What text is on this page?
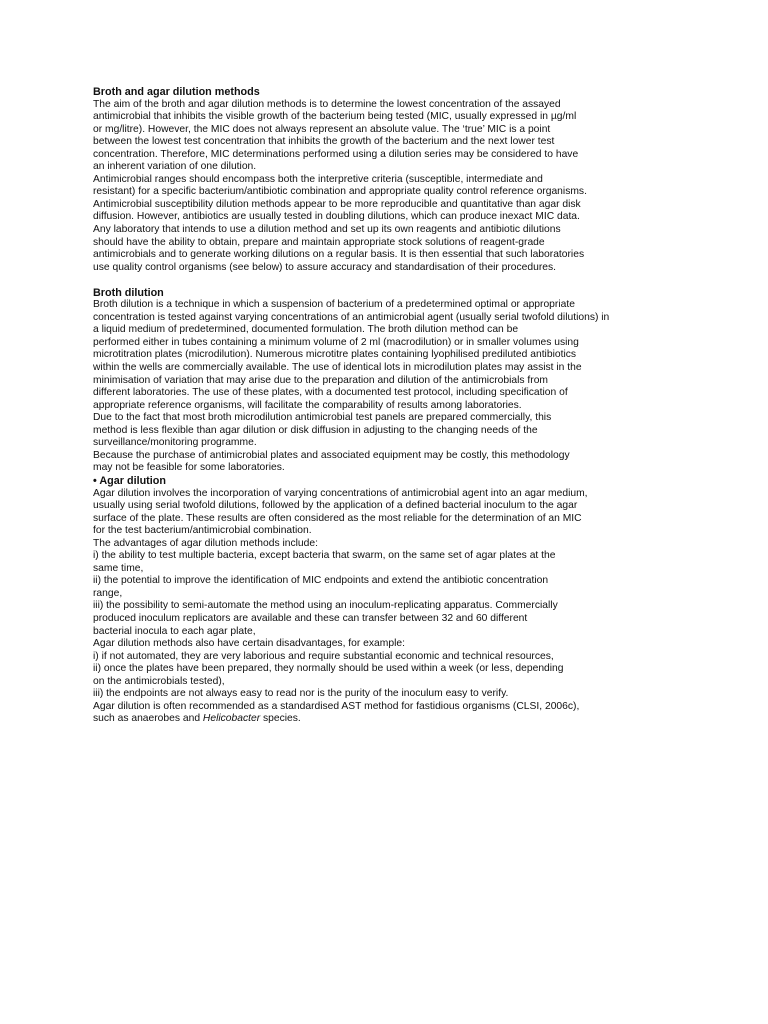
Broth and agar dilution methods
The aim of the broth and agar dilution methods is to determine the lowest concentration of the assayed
antimicrobial that inhibits the visible growth of the bacterium being tested (MIC, usually expressed in µg/ml
or mg/litre). However, the MIC does not always represent an absolute value. The ‘true’ MIC is a point
between the lowest test concentration that inhibits the growth of the bacterium and the next lower test
concentration. Therefore, MIC determinations performed using a dilution series may be considered to have
an inherent variation of one dilution.
Antimicrobial ranges should encompass both the interpretive criteria (susceptible, intermediate and
resistant) for a specific bacterium/antibiotic combination and appropriate quality control reference organisms.
Antimicrobial susceptibility dilution methods appear to be more reproducible and quantitative than agar disk
diffusion. However, antibiotics are usually tested in doubling dilutions, which can produce inexact MIC data.
Any laboratory that intends to use a dilution method and set up its own reagents and antibiotic dilutions
should have the ability to obtain, prepare and maintain appropriate stock solutions of reagent-grade
antimicrobials and to generate working dilutions on a regular basis. It is then essential that such laboratories
use quality control organisms (see below) to assure accuracy and standardisation of their procedures.
Broth dilution
Broth dilution is a technique in which a suspension of bacterium of a predetermined optimal or appropriate
concentration is tested against varying concentrations of an antimicrobial agent (usually serial twofold dilutions) in
a liquid medium of predetermined, documented formulation. The broth dilution method can be
performed either in tubes containing a minimum volume of 2 ml (macrodilution) or in smaller volumes using
microtitration plates (microdilution). Numerous microtitre plates containing lyophilised prediluted antibiotics
within the wells are commercially available. The use of identical lots in microdilution plates may assist in the
minimisation of variation that may arise due to the preparation and dilution of the antimicrobials from
different laboratories. The use of these plates, with a documented test protocol, including specification of
appropriate reference organisms, will facilitate the comparability of results among laboratories.
Due to the fact that most broth microdilution antimicrobial test panels are prepared commercially, this
method is less flexible than agar dilution or disk diffusion in adjusting to the changing needs of the
surveillance/monitoring programme.
Because the purchase of antimicrobial plates and associated equipment may be costly, this methodology
may not be feasible for some laboratories.
• Agar dilution
Agar dilution involves the incorporation of varying concentrations of antimicrobial agent into an agar medium,
usually using serial twofold dilutions, followed by the application of a defined bacterial inoculum to the agar
surface of the plate. These results are often considered as the most reliable for the determination of an MIC
for the test bacterium/antimicrobial combination.
The advantages of agar dilution methods include:
i) the ability to test multiple bacteria, except bacteria that swarm, on the same set of agar plates at the
same time,
ii) the potential to improve the identification of MIC endpoints and extend the antibiotic concentration
range,
iii) the possibility to semi-automate the method using an inoculum-replicating apparatus. Commercially
produced inoculum replicators are available and these can transfer between 32 and 60 different
bacterial inocula to each agar plate,
Agar dilution methods also have certain disadvantages, for example:
i) if not automated, they are very laborious and require substantial economic and technical resources,
ii) once the plates have been prepared, they normally should be used within a week (or less, depending
on the antimicrobials tested),
iii) the endpoints are not always easy to read nor is the purity of the inoculum easy to verify.
Agar dilution is often recommended as a standardised AST method for fastidious organisms (CLSI, 2006c),
such as anaerobes and Helicobacter species.
